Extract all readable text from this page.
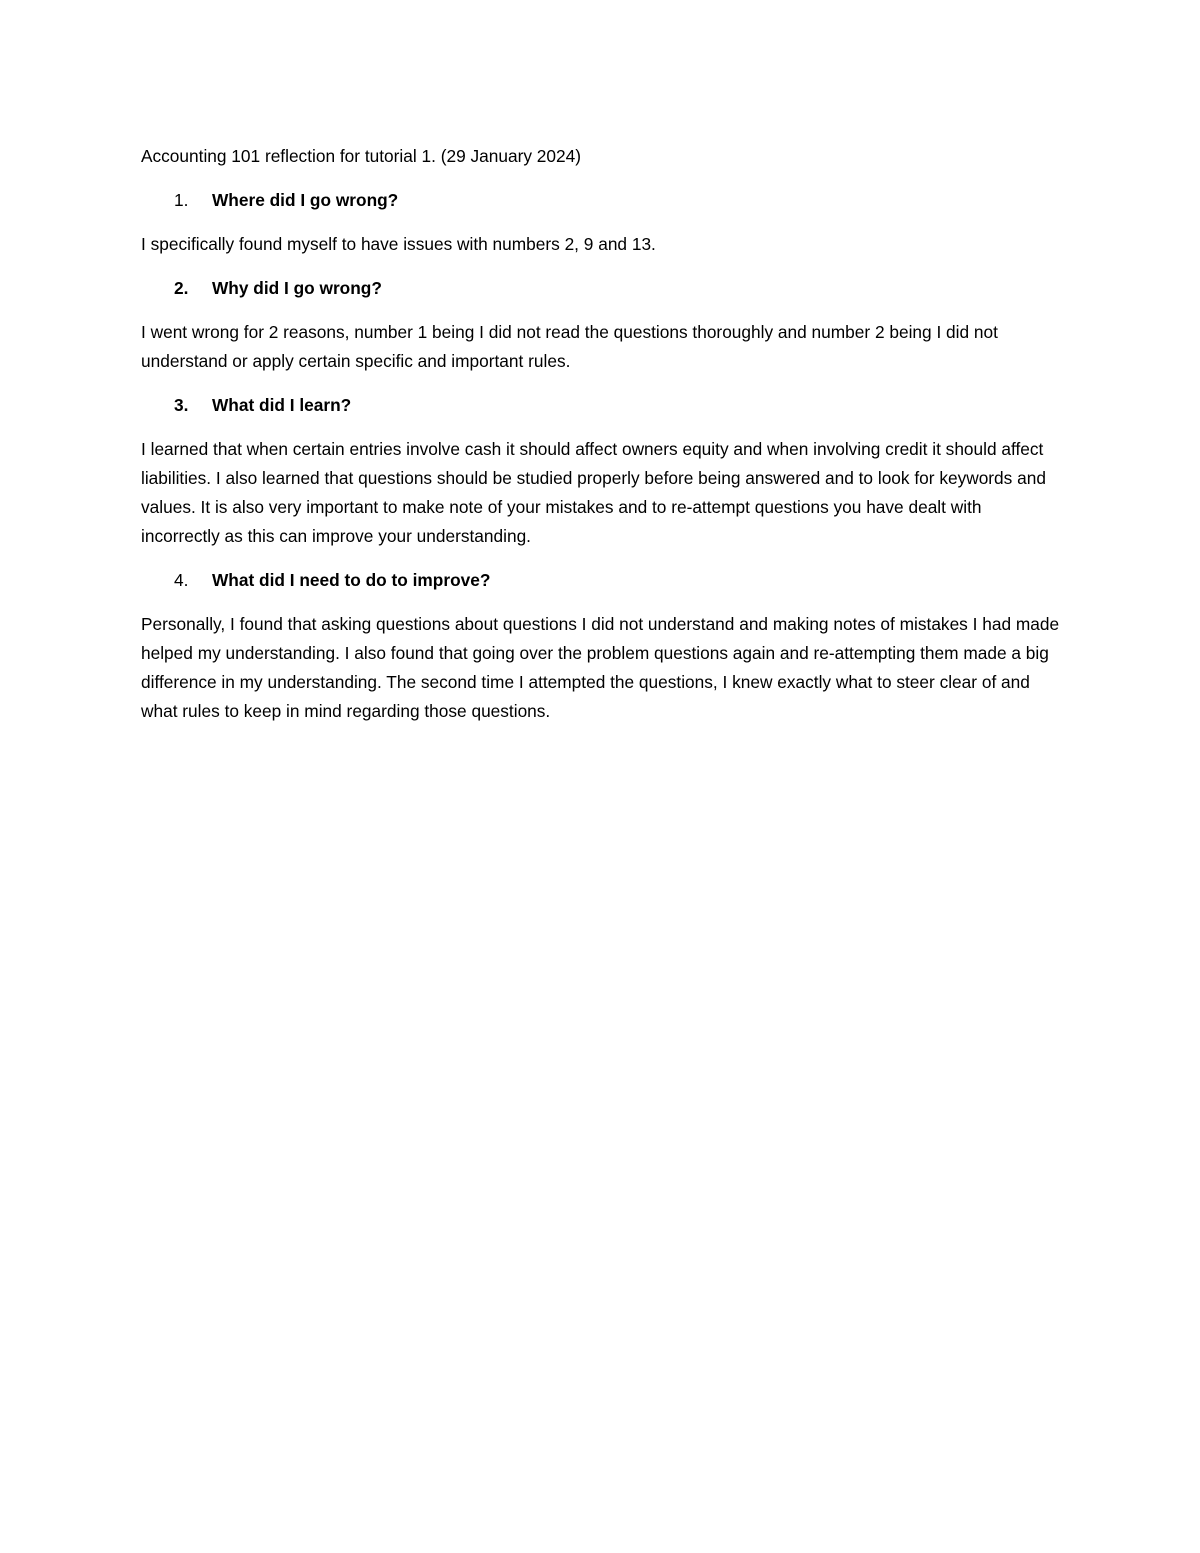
Accounting 101 reflection for tutorial 1. (29 January 2024)

1.	Where did I go wrong?

I specifically found myself to have issues with numbers 2, 9 and 13.

2.	Why did I go wrong?

I went wrong for 2 reasons, number 1 being I did not read the questions thoroughly and number 2 being I did not understand or apply certain specific and important rules.

3.	What did I learn?

I learned that when certain entries involve cash it should affect owners equity and when involving credit it should affect liabilities. I also learned that questions should be studied properly before being answered and to look for keywords and values. It is also very important to make note of your mistakes and to re-attempt questions you have dealt with incorrectly as this can improve your understanding.

4.	What did I need to do to improve?

Personally, I found that asking questions about questions I did not understand and making notes of mistakes I had made helped my understanding. I also found that going over the problem questions again and re-attempting them made a big difference in my understanding. The second time I attempted the questions, I knew exactly what to steer clear of and what rules to keep in mind regarding those questions.
